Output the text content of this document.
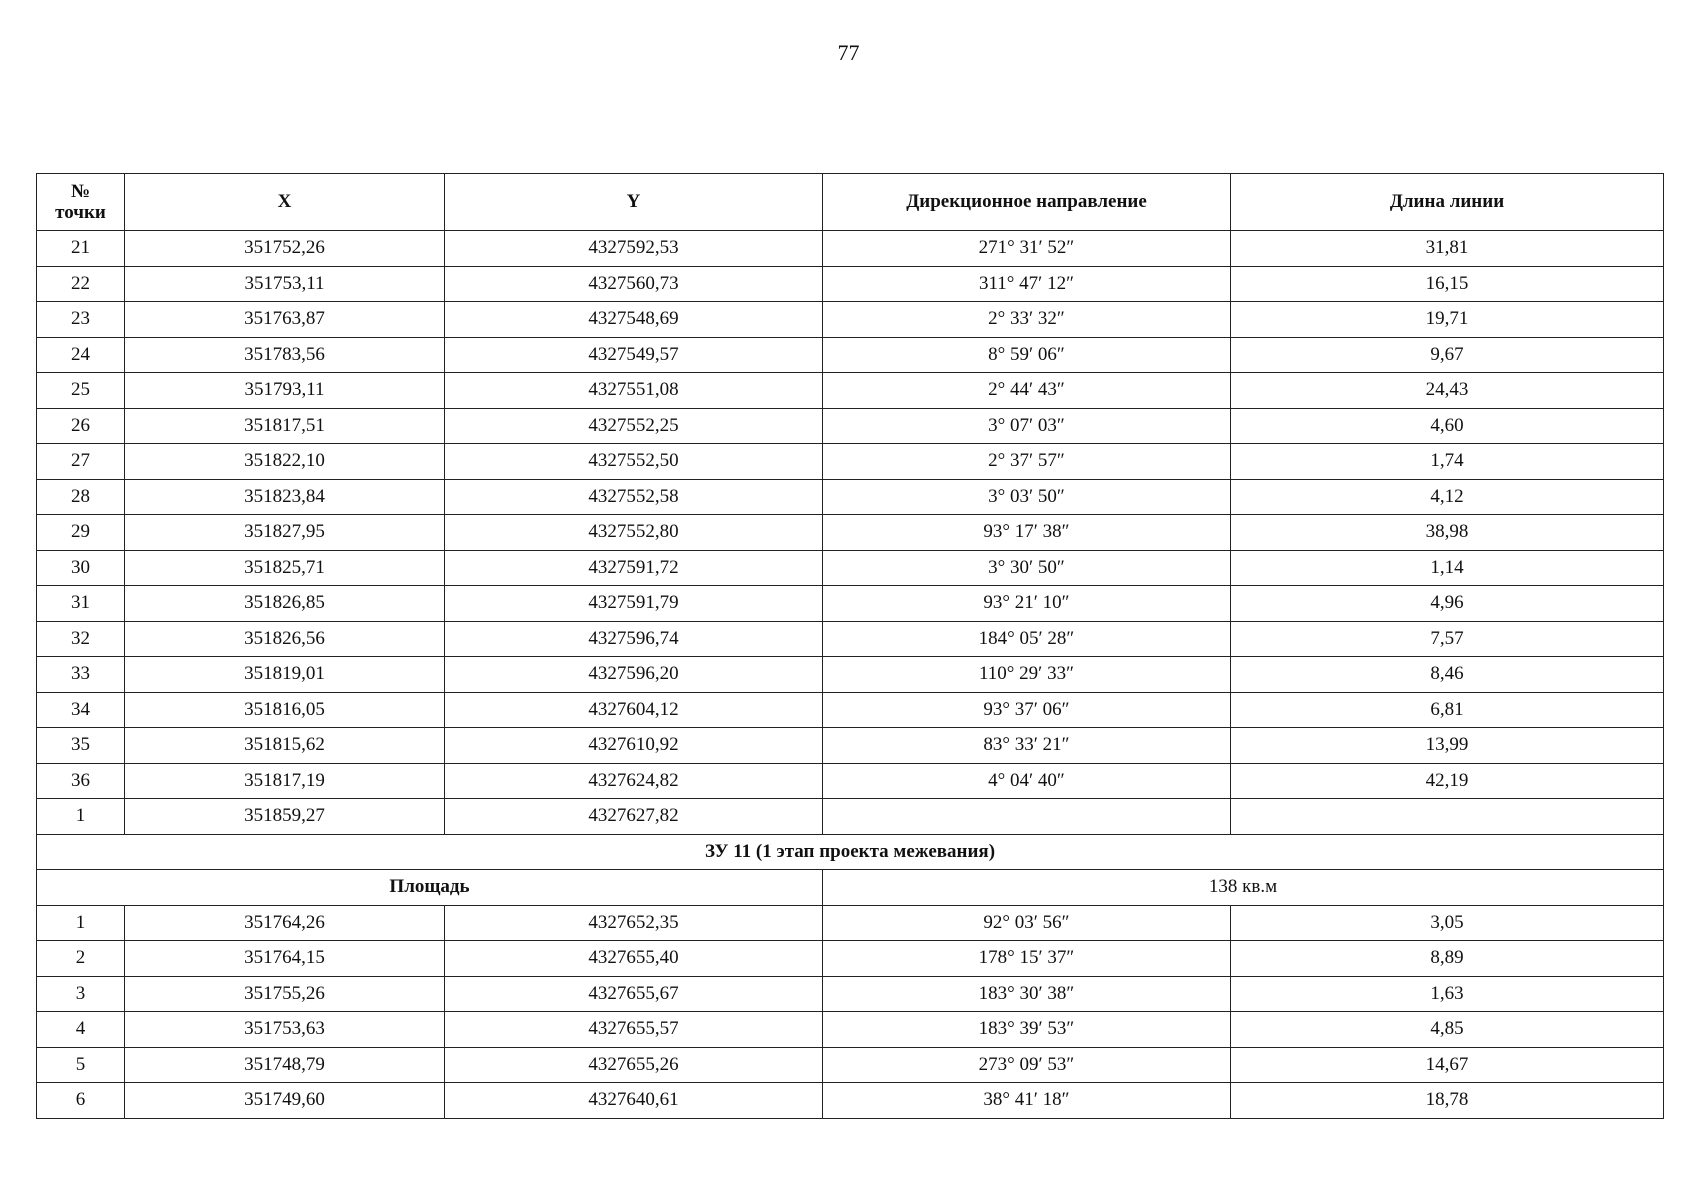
77
№
точки	X	Y	Дирекционное направление	Длина линии
21	351752,26	4327592,53	271° 31′ 52″	31,81
22	351753,11	4327560,73	311° 47′ 12″	16,15
23	351763,87	4327548,69	2° 33′ 32″	19,71
24	351783,56	4327549,57	8° 59′ 06″	9,67
25	351793,11	4327551,08	2° 44′ 43″	24,43
26	351817,51	4327552,25	3° 07′ 03″	4,60
27	351822,10	4327552,50	2° 37′ 57″	1,74
28	351823,84	4327552,58	3° 03′ 50″	4,12
29	351827,95	4327552,80	93° 17′ 38″	38,98
30	351825,71	4327591,72	3° 30′ 50″	1,14
31	351826,85	4327591,79	93° 21′ 10″	4,96
32	351826,56	4327596,74	184° 05′ 28″	7,57
33	351819,01	4327596,20	110° 29′ 33″	8,46
34	351816,05	4327604,12	93° 37′ 06″	6,81
35	351815,62	4327610,92	83° 33′ 21″	13,99
36	351817,19	4327624,82	4° 04′ 40″	42,19
1	351859,27	4327627,82		
ЗУ 11 (1 этап проекта межевания)				
Площадь			138 кв.м	
1	351764,26	4327652,35	92° 03′ 56″	3,05
2	351764,15	4327655,40	178° 15′ 37″	8,89
3	351755,26	4327655,67	183° 30′ 38″	1,63
4	351753,63	4327655,57	183° 39′ 53″	4,85
5	351748,79	4327655,26	273° 09′ 53″	14,67
6	351749,60	4327640,61	38° 41′ 18″	18,78
